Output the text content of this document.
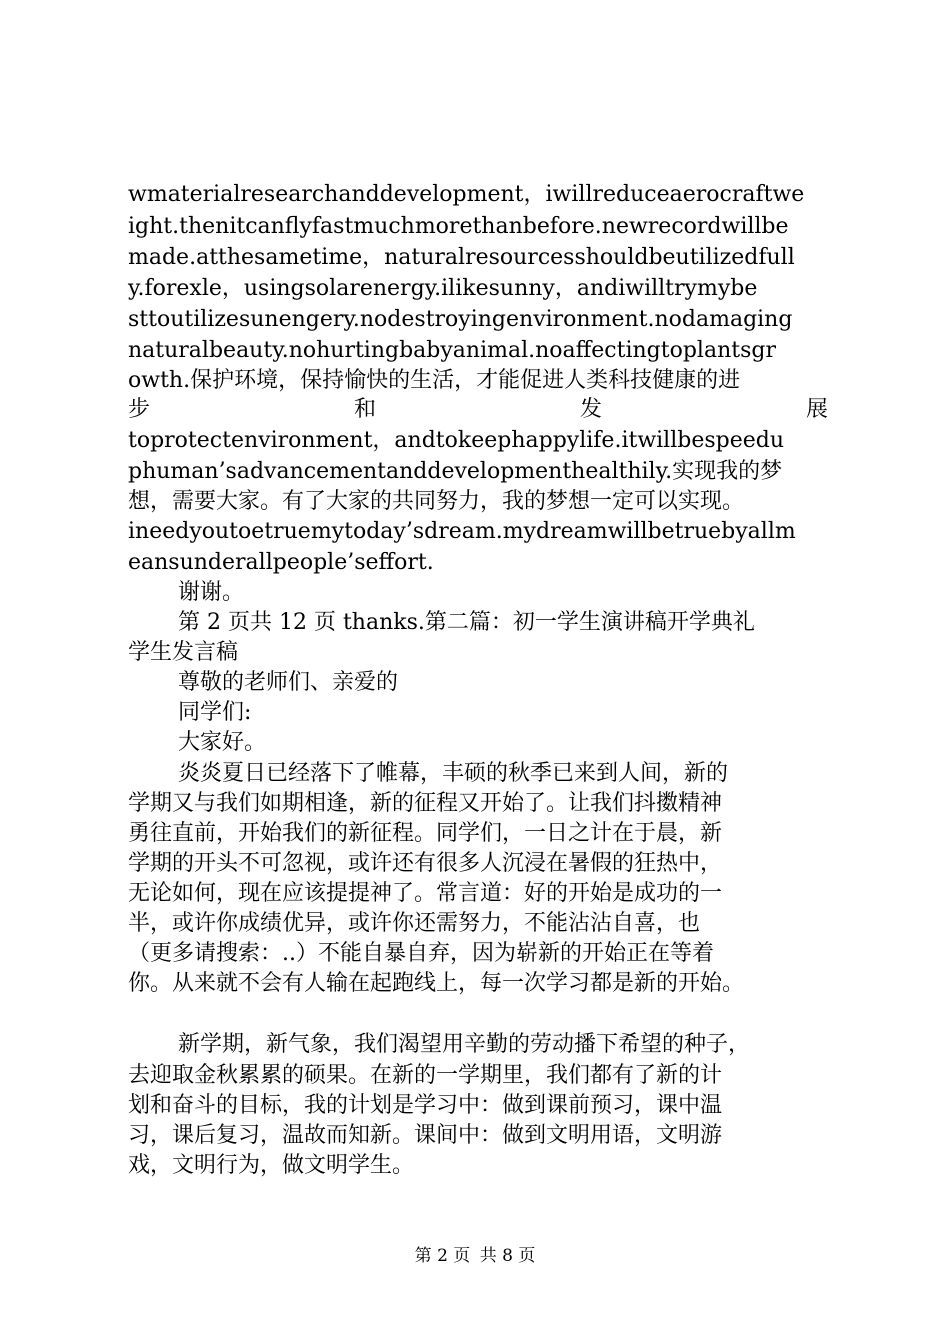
wmaterialresearchanddevelopment，iwillreduceaerocraftwe
ight.thenitcanflyfastmuchmorethanbefore.newrecordwillbe
made.atthesametime，naturalresourcesshouldbeutilizedfull
y.forexle，usingsolarenergy.ilikesunny，andiwilltrymybe
sttoutilizesunengery.nodestroyingenvironment.nodamaging
naturalbeauty.nohurtingbabyanimal.noaffectingtoplantsgr
owth.保护环境，保持愉快的生活，才能促进人类科技健康的进
步	和	发	展
toprotectenvironment，andtokeephappylife.itwillbespeedu
phuman’sadvancementanddevelopmenthealthily.实现我的梦
想，需要大家。有了大家的共同努力，我的梦想一定可以实现。
ineedyoutoetruemytoday’sdream.mydreamwillbetruebyallm
eansunderallpeople’seffort.
谢谢。
第 2 页共 12 页 thanks.第二篇：初一学生演讲稿开学典礼
学生发言稿
尊敬的老师们、亲爱的
同学们:
大家好。
炎炎夏日已经落下了帷幕，丰硕的秋季已来到人间，新的
学期又与我们如期相逢，新的征程又开始了。让我们抖擞精神
勇往直前，开始我们的新征程。同学们，一日之计在于晨，新
学期的开头不可忽视，或许还有很多人沉浸在暑假的狂热中，
无论如何，现在应该提提神了。常言道：好的开始是成功的一
半，或许你成绩优异，或许你还需努力，不能沾沾自喜，也
（更多请搜索：..）不能自暴自弃，因为崭新的开始正在等着
你。从来就不会有人输在起跑线上，每一次学习都是新的开始。
新学期，新气象，我们渴望用辛勤的劳动播下希望的种子，
去迎取金秋累累的硕果。在新的一学期里，我们都有了新的计
划和奋斗的目标，我的计划是学习中：做到课前预习，课中温
习，课后复习，温故而知新。课间中：做到文明用语，文明游
戏，文明行为，做文明学生。
第 2 页 共 8 页
